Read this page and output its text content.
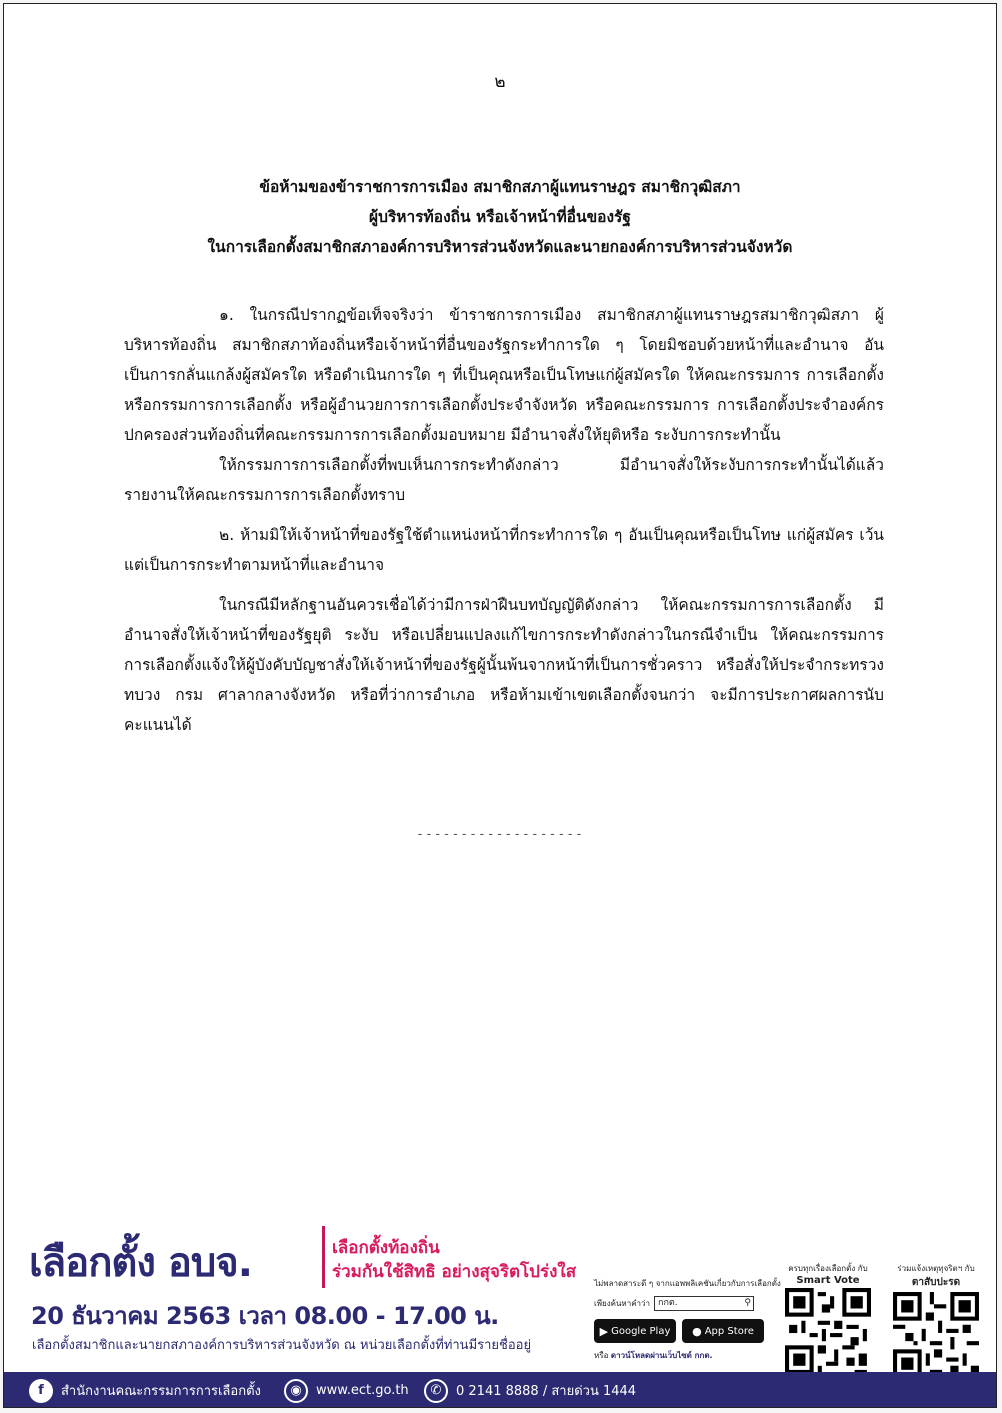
๒
ข้อห้ามของข้าราชการการเมือง สมาชิกสภาผู้แทนราษฎร สมาชิกวุฒิสภา
ผู้บริหารท้องถิ่น หรือเจ้าหน้าที่อื่นของรัฐ
ในการเลือกตั้งสมาชิกสภาองค์การบริหารส่วนจังหวัดและนายกองค์การบริหารส่วนจังหวัด

๑. ในกรณีปรากฏข้อเท็จจริงว่า ข้าราชการการเมือง สมาชิกสภาผู้แทนราษฎรสมาชิกวุฒิสภา ผู้บริหารท้องถิ่น สมาชิกสภาท้องถิ่นหรือเจ้าหน้าที่อื่นของรัฐกระทำการใด ๆ โดยมิชอบด้วยหน้าที่และอำนาจ อันเป็นการกลั่นแกล้งผู้สมัครใด หรือดำเนินการใด ๆ ที่เป็นคุณหรือเป็นโทษแก่ผู้สมัครใด ให้คณะกรรมการ การเลือกตั้ง หรือกรรมการการเลือกตั้ง หรือผู้อำนวยการการเลือกตั้งประจำจังหวัด หรือคณะกรรมการ การเลือกตั้งประจำองค์กรปกครองส่วนท้องถิ่นที่คณะกรรมการการเลือกตั้งมอบหมาย มีอำนาจสั่งให้ยุติหรือ ระงับการกระทำนั้น

ให้กรรมการการเลือกตั้งที่พบเห็นการกระทำดังกล่าว มีอำนาจสั่งให้ระงับการกระทำนั้นได้แล้ว รายงานให้คณะกรรมการการเลือกตั้งทราบ

๒. ห้ามมิให้เจ้าหน้าที่ของรัฐใช้ตำแหน่งหน้าที่กระทำการใด ๆ อันเป็นคุณหรือเป็นโทษ แก่ผู้สมัคร เว้นแต่เป็นการกระทำตามหน้าที่และอำนาจ

ในกรณีมีหลักฐานอันควรเชื่อได้ว่ามีการฝ่าฝืนบทบัญญัติดังกล่าว ให้คณะกรรมการการเลือกตั้ง มีอำนาจสั่งให้เจ้าหน้าที่ของรัฐยุติ ระงับ หรือเปลี่ยนแปลงแก้ไขการกระทำดังกล่าวในกรณีจำเป็น ให้คณะกรรมการการเลือกตั้งแจ้งให้ผู้บังคับบัญชาสั่งให้เจ้าหน้าที่ของรัฐผู้นั้นพ้นจากหน้าที่เป็นการชั่วคราว หรือสั่งให้ประจำกระทรวง ทบวง กรม ศาลากลางจังหวัด หรือที่ว่าการอำเภอ หรือห้ามเข้าเขตเลือกตั้งจนกว่า จะมีการประกาศผลการนับคะแนนได้

-------------------
เลือกตั้ง อบจ.	เลือกตั้งท้องถิ่น
ร่วมกันใช้สิทธิ อย่างสุจริตโปร่งใส
20 ธันวาคม 2563 เวลา 08.00 - 17.00 น.
เลือกตั้งสมาชิกและนายกสภาองค์การบริหารส่วนจังหวัด ณ หน่วยเลือกตั้งที่ท่านมีรายชื่ออยู่
ไม่พลาดสาระดี ๆ จากแอพพลิเคชันเกี่ยวกับการเลือกตั้ง
เพียงค้นหาคำว่า กกต.	⚲
▶ Google Play ● App Store
หรือ ดาวน์โหลดผ่านเว็บไซต์ กกต.
ครบทุกเรื่องเลือกตั้ง กับ
Smart Vote
ร่วมแจ้งเหตุทุจริตฯ กับ
ตาสับปะรด
f	สำนักงานคณะกรรมการการเลือกตั้ง	◉	www.ect.go.th	✆	0 2141 8888 / สายด่วน 1444
